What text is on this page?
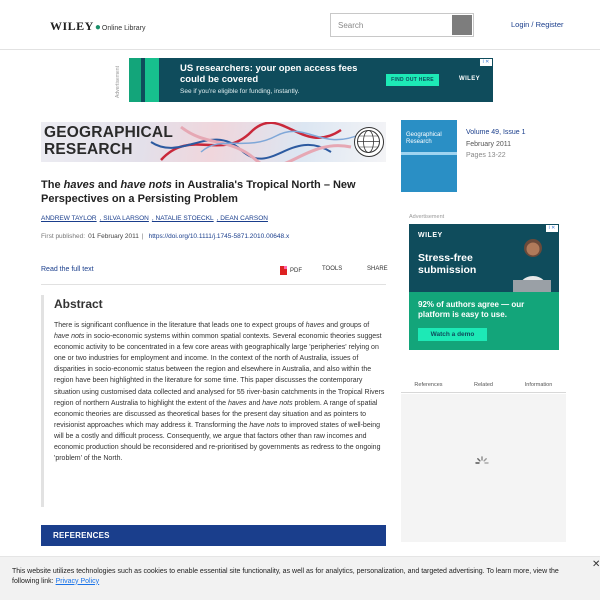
WILEY ● Online Library
Search	Login / Register
Advertisement	US researchers: your open access fees could be covered
See if you're eligible for funding, instantly.
FIND OUT HERE	WILEY
i ✕
GEOGRAPHICAL
RESEARCH
The haves and have nots in Australia's Tropical North – New Perspectives on a Persisting Problem
ANDREW TAYLOR , SILVA LARSON , NATALIE STOECKL , DEAN CARSON
First published: 01 February 2011 | https://doi.org/10.1111/j.1745-5871.2010.00648.x
Read the full text	PDF	TOOLS	SHARE
Abstract

There is significant confluence in the literature that leads one to expect groups of haves and groups of have nots in socio-economic systems within common spatial contexts. Several economic theories suggest economic activity to be concentrated in a few core areas with geographically large 'peripheries' relying on one or two industries for employment and income. In the context of the north of Australia, issues of disparities in socio-economic status between the region and elsewhere in Australia, and also within the region have been highlighted in the literature for some time. This paper discusses the contemporary situation using customised data collected and analysed for 55 river-basin catchments in the Tropical Rivers region of northern Australia to highlight the extent of the haves and have nots problem. A range of spatial economic theories are discussed as theoretical bases for the present day situation and as pointers to revisionist approaches which may address it. Transforming the have nots to improved states of well-being will be a costly and difficult process. Consequently, we argue that factors other than raw incomes and economic production should be reconsidered and re-prioritised by governments as redress to the ongoing 'problem' of the North.

REFERENCES
Geographical
Research
Volume 49, Issue 1
February 2011
Pages 13-22
Advertisement
WILEY
Stress-free submission
92% of authors agree — our platform is easy to use.
Watch a demo
i ✕
References	Related	Information
This website utilizes technologies such as cookies to enable essential site functionality, as well as for analytics, personalization, and targeted advertising. To learn more, view the following link: Privacy Policy
✕
